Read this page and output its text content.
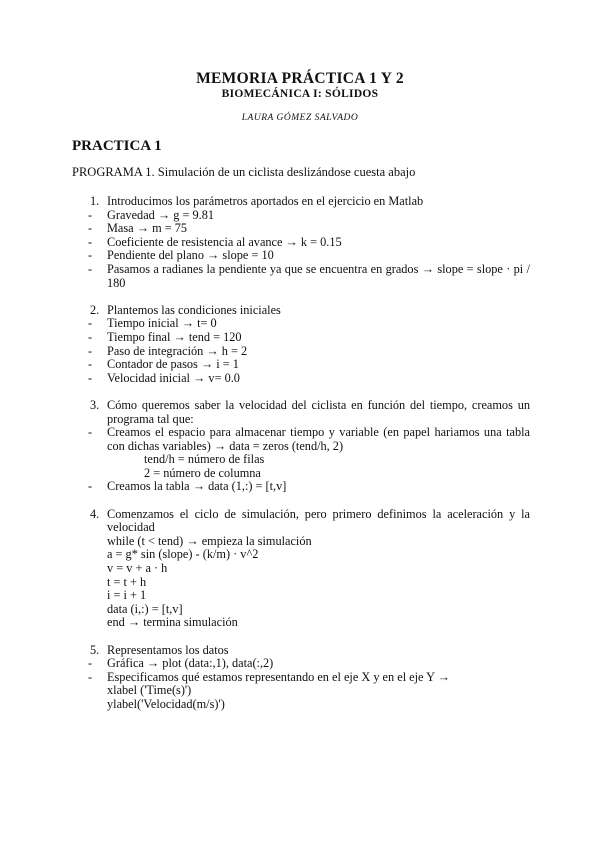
MEMORIA PRÁCTICA 1 Y 2
BIOMECÁNICA I: SÓLIDOS
LAURA GÓMEZ SALVADO
PRACTICA 1
PROGRAMA 1. Simulación de un ciclista deslizándose cuesta abajo
1. Introducimos los parámetros aportados en el ejercicio en Matlab
- Gravedad → g = 9.81
- Masa → m = 75
- Coeficiente de resistencia al avance → k = 0.15
- Pendiente del plano → slope = 10
- Pasamos a radianes la pendiente ya que se encuentra en grados → slope = slope · pi / 180
2. Plantemos las condiciones iniciales
- Tiempo inicial → t= 0
- Tiempo final → tend = 120
- Paso de integración → h = 2
- Contador de pasos → i = 1
- Velocidad inicial → v= 0.0
3. Cómo queremos saber la velocidad del ciclista en función del tiempo, creamos un programa tal que:
- Creamos el espacio para almacenar tiempo y variable (en papel hariamos una tabla con dichas variables) → data = zeros (tend/h, 2)
tend/h = número de filas
2 = número de columna
- Creamos la tabla → data (1,:) = [t,v]
4. Comenzamos el ciclo de simulación, pero primero definimos la aceleración y la velocidad
while (t < tend) → empieza la simulación
a = g* sin (slope) - (k/m) · v^2
v = v + a · h
t = t + h
i = i + 1
data (i,:) = [t,v]
end → termina simulación
5. Representamos los datos
- Gráfica → plot (data:,1), data(:,2)
- Especificamos qué estamos representando en el eje X y en el eje Y →
xlabel ('Time(s)')
ylabel('Velocidad(m/s)')
